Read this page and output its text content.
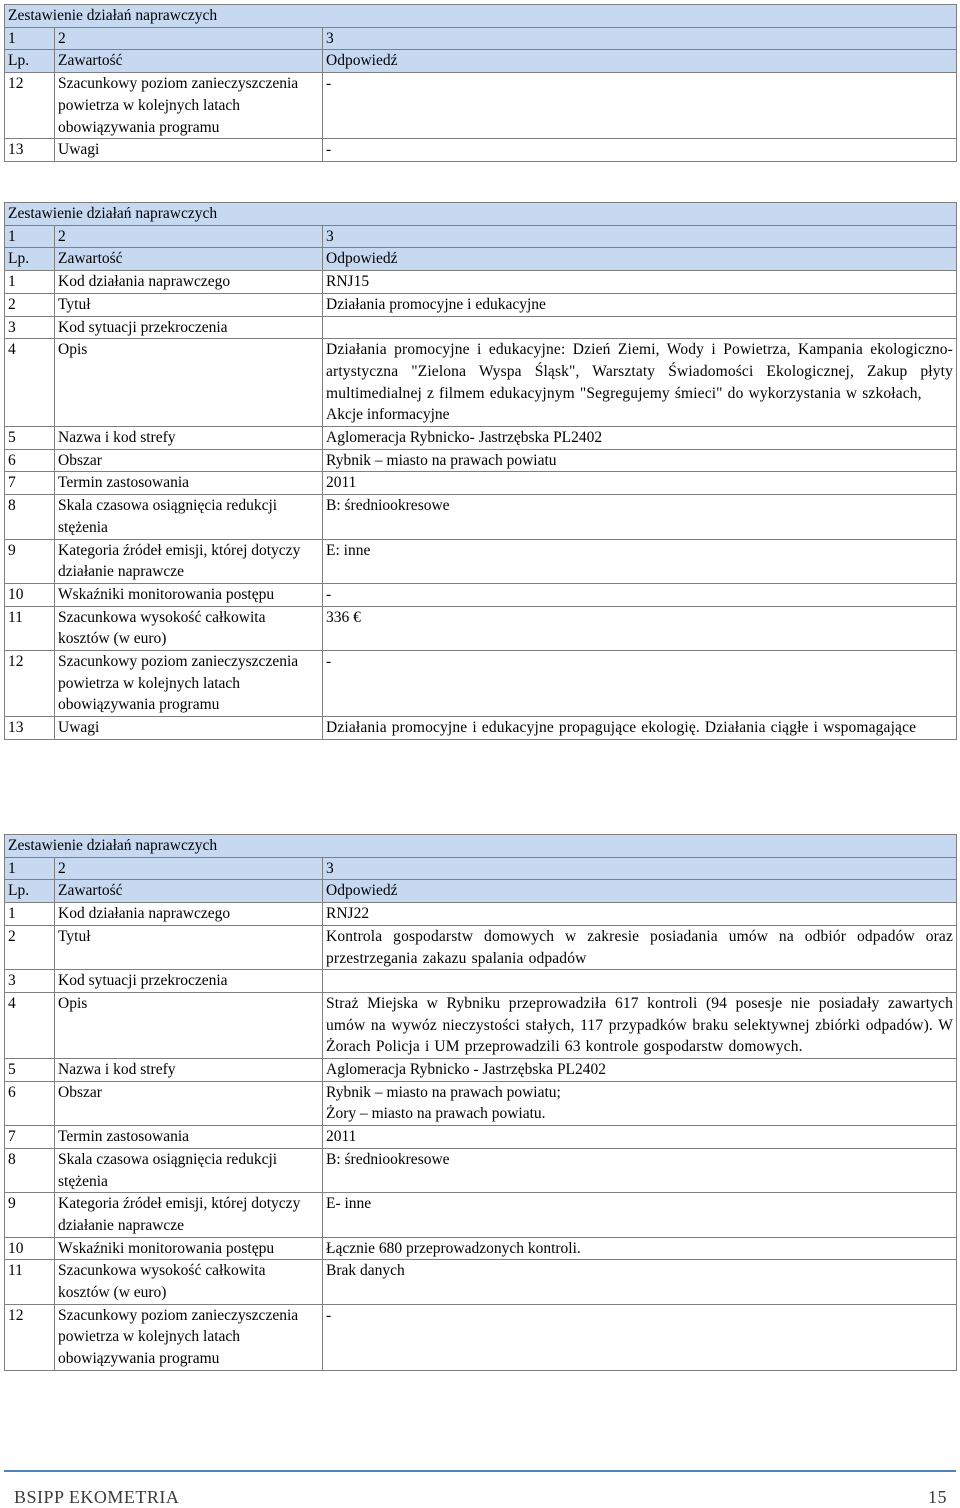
Zestawienie działań naprawczych		
1	2	3
Lp.	Zawartość	Odpowiedź
12	Szacunkowy poziom zanieczyszczenia powietrza w kolejnych latach obowiązywania programu	-
13	Uwagi	-
Zestawienie działań naprawczych		
1	2	3
Lp.	Zawartość	Odpowiedź
1	Kod działania naprawczego	RNJ15
2	Tytuł	Działania promocyjne i edukacyjne
3	Kod sytuacji przekroczenia	
4	Opis	Działania promocyjne i edukacyjne: Dzień Ziemi, Wody i Powietrza, Kampania ekologiczno-artystyczna "Zielona Wyspa Śląsk", Warsztaty Świadomości Ekologicznej, Zakup płyty multimedialnej z filmem edukacyjnym "Segregujemy śmieci" do wykorzystania w szkołach,
Akcje informacyjne

5	Nazwa i kod strefy	Aglomeracja Rybnicko- Jastrzębska PL2402
6	Obszar	Rybnik – miasto na prawach powiatu
7	Termin zastosowania	2011
8	Skala czasowa osiągnięcia redukcji stężenia	B: średniookresowe
9	Kategoria źródeł emisji, której dotyczy działanie naprawcze	E: inne
10	Wskaźniki monitorowania postępu	-
11	Szacunkowa wysokość całkowita kosztów (w euro)	336 €
12	Szacunkowy poziom zanieczyszczenia powietrza w kolejnych latach obowiązywania programu	-
13	Uwagi	Działania promocyjne i edukacyjne propagujące ekologię. Działania ciągłe i wspomagające
Zestawienie działań naprawczych		
1	2	3
Lp.	Zawartość	Odpowiedź
1	Kod działania naprawczego	RNJ22
2	Tytuł	Kontrola gospodarstw domowych w zakresie posiadania umów na odbiór odpadów oraz przestrzegania zakazu spalania odpadów
3	Kod sytuacji przekroczenia	
4	Opis	Straż Miejska w Rybniku przeprowadziła 617 kontroli (94 posesje nie posiadały zawartych umów na wywóz nieczystości stałych, 117 przypadków braku selektywnej zbiórki odpadów). W Żorach Policja i UM przeprowadzili 63 kontrole gospodarstw domowych.
5	Nazwa i kod strefy	Aglomeracja Rybnicko - Jastrzębska PL2402
6	Obszar	Rybnik – miasto na prawach powiatu;
Żory – miasto na prawach powiatu.

7	Termin zastosowania	2011
8	Skala czasowa osiągnięcia redukcji stężenia	B: średniookresowe
9	Kategoria źródeł emisji, której dotyczy działanie naprawcze	E- inne
10	Wskaźniki monitorowania postępu	Łącznie 680 przeprowadzonych kontroli.
11	Szacunkowa wysokość całkowita kosztów (w euro)	Brak danych
12	Szacunkowy poziom zanieczyszczenia powietrza w kolejnych latach obowiązywania programu	-
BSIPP EKOMETRIA	15
